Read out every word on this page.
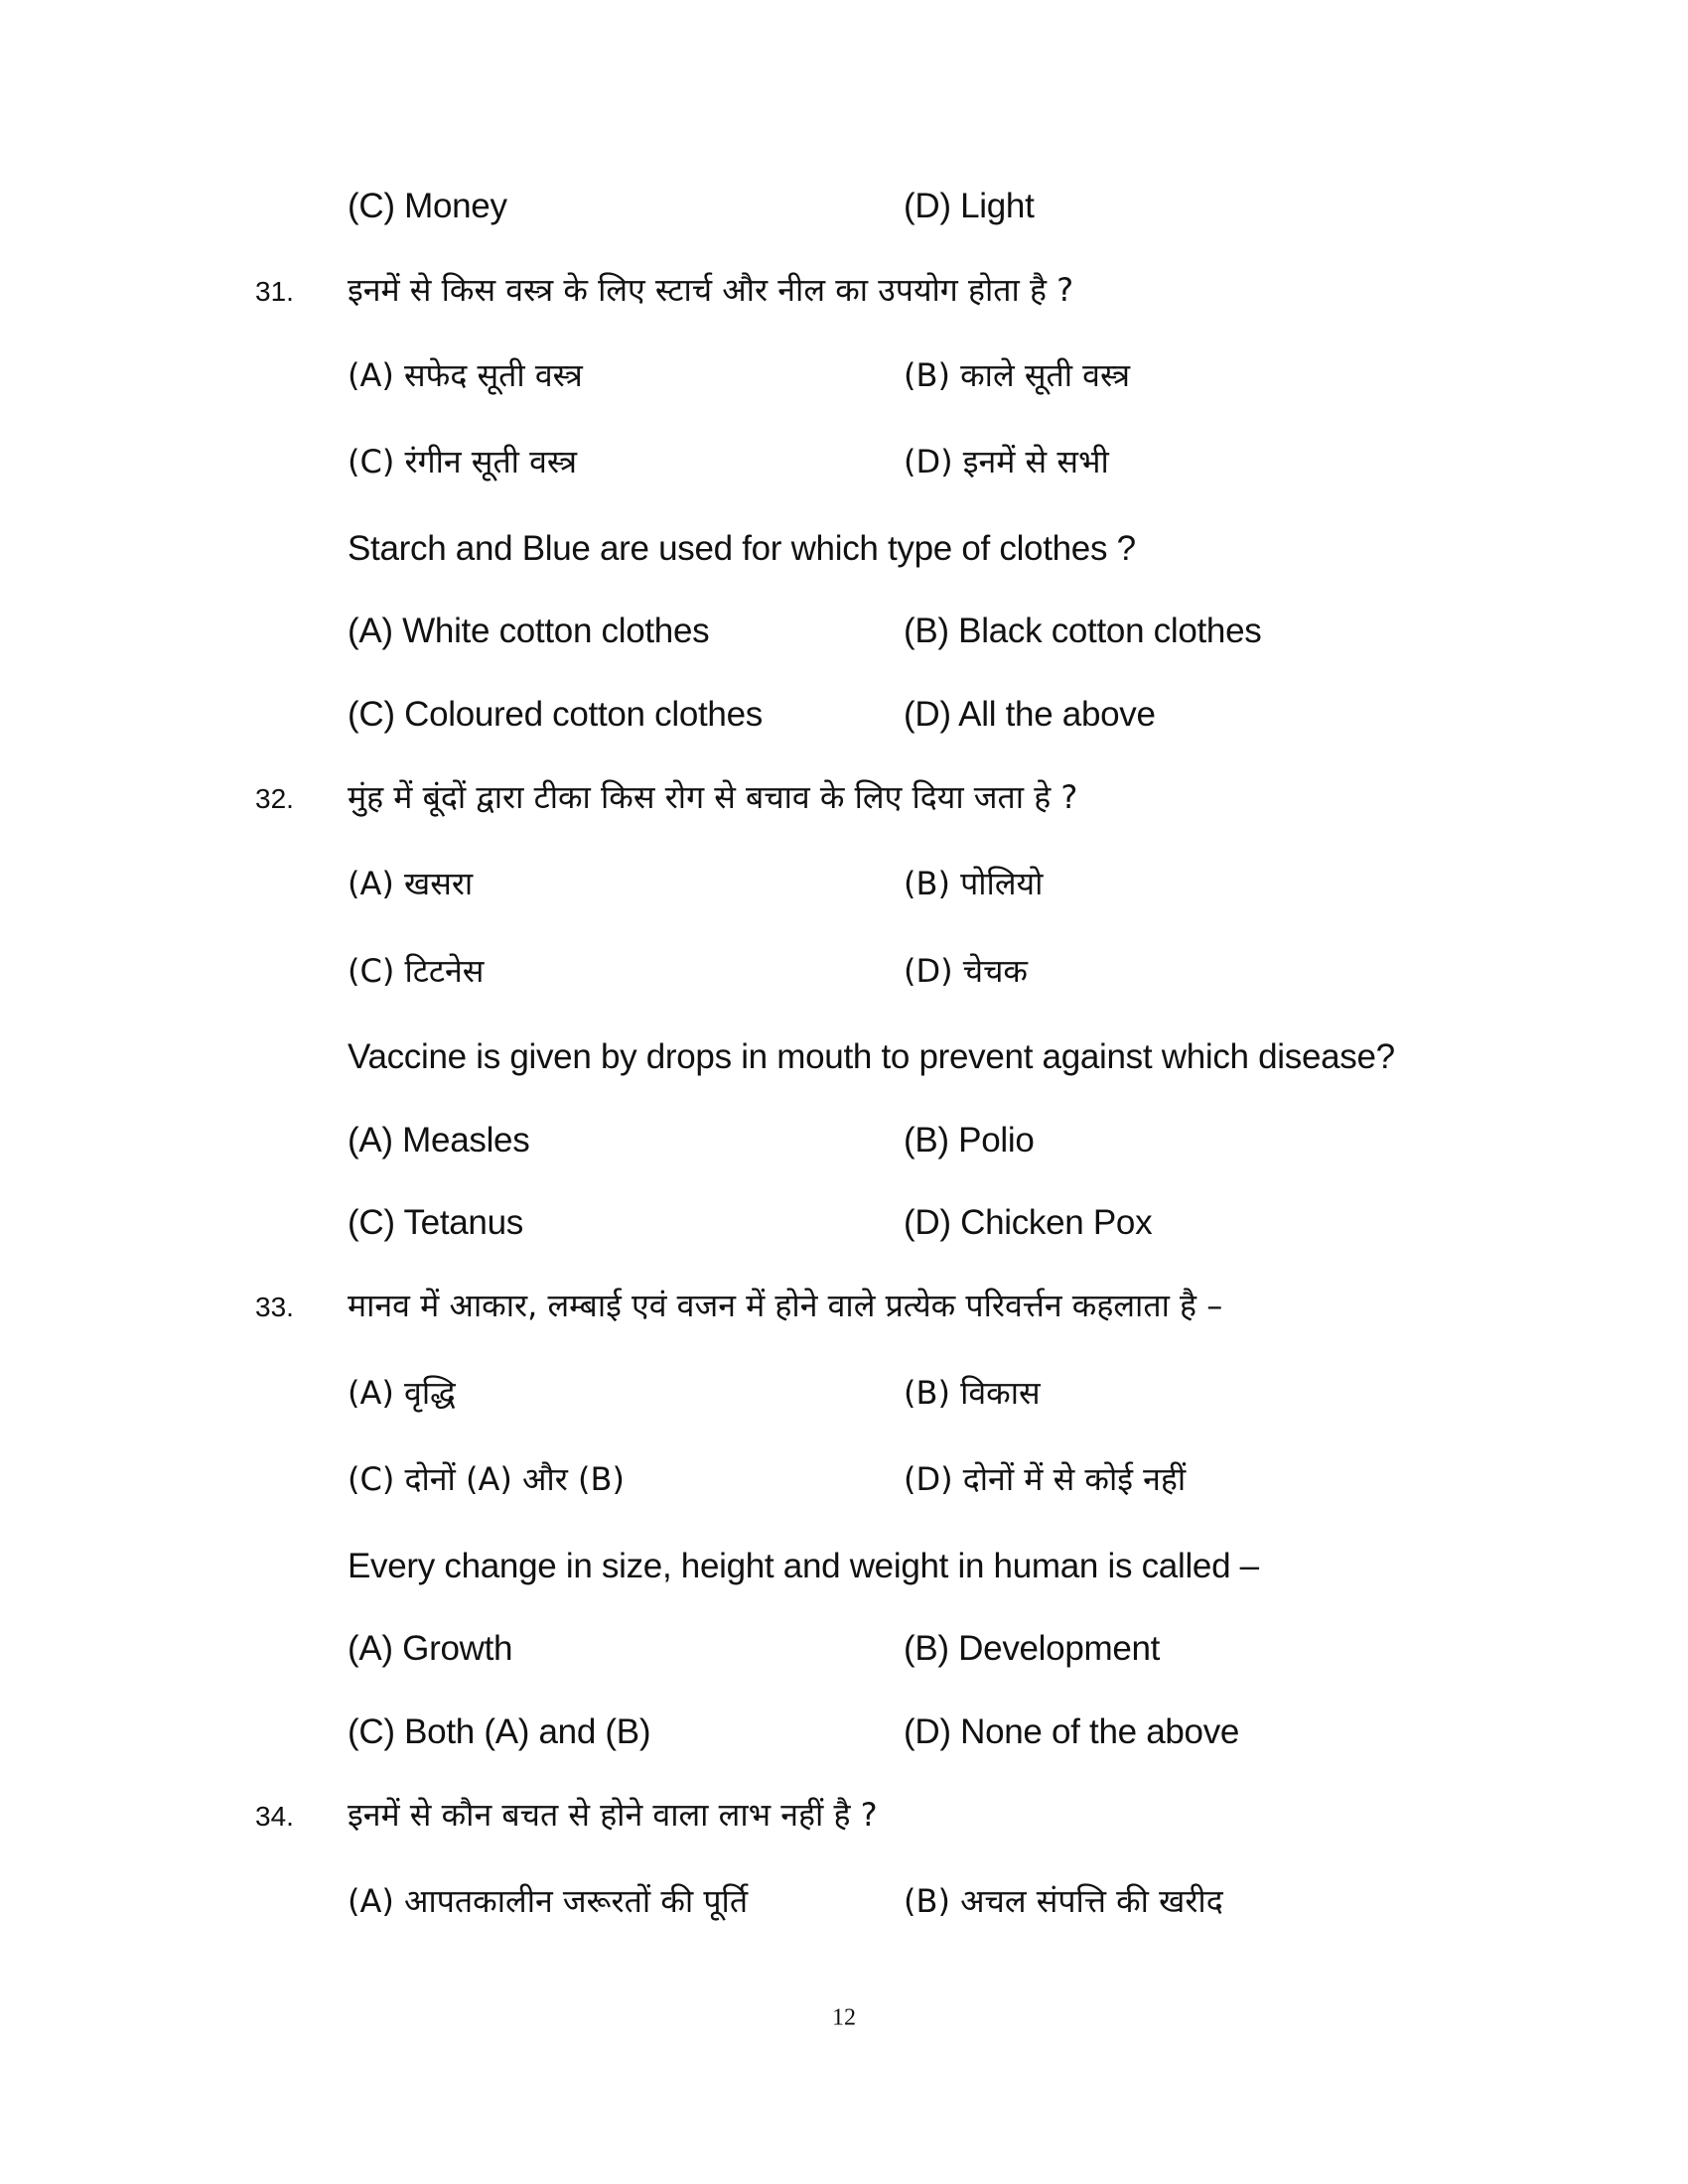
(C) Money	(D) Light
31. इनमें से किस वस्त्र के लिए स्टार्च और नील का उपयोग होता है ?
(A) सफेद सूती वस्त्र	(B) काले सूती वस्त्र
(C) रंगीन सूती वस्त्र	(D) इनमें से सभी
Starch and Blue are used for which type of clothes ?
(A) White cotton clothes	(B) Black cotton clothes
(C) Coloured cotton clothes	(D) All the above
32. मुंह में बूंदों द्वारा टीका किस रोग से बचाव के लिए दिया जता हे ?
(A) खसरा	(B) पोलियो
(C) टिटनेस	(D) चेचक
Vaccine is given by drops in mouth to prevent against which disease?
(A) Measles	(B) Polio
(C) Tetanus	(D) Chicken Pox
33. मानव में आकार, लम्बाई एवं वजन में होने वाले प्रत्येक परिवर्त्तन कहलाता है –
(A) वृद्धि	(B) विकास
(C) दोनों (A) और (B)	(D) दोनों में से कोई नहीं
Every change in size, height and weight in human is called –
(A) Growth	(B) Development
(C) Both (A) and (B)	(D) None of the above
34. इनमें से कौन बचत से होने वाला लाभ नहीं है ?
(A) आपतकालीन जरूरतों की पूर्ति	(B) अचल संपत्ति की खरीद
12
